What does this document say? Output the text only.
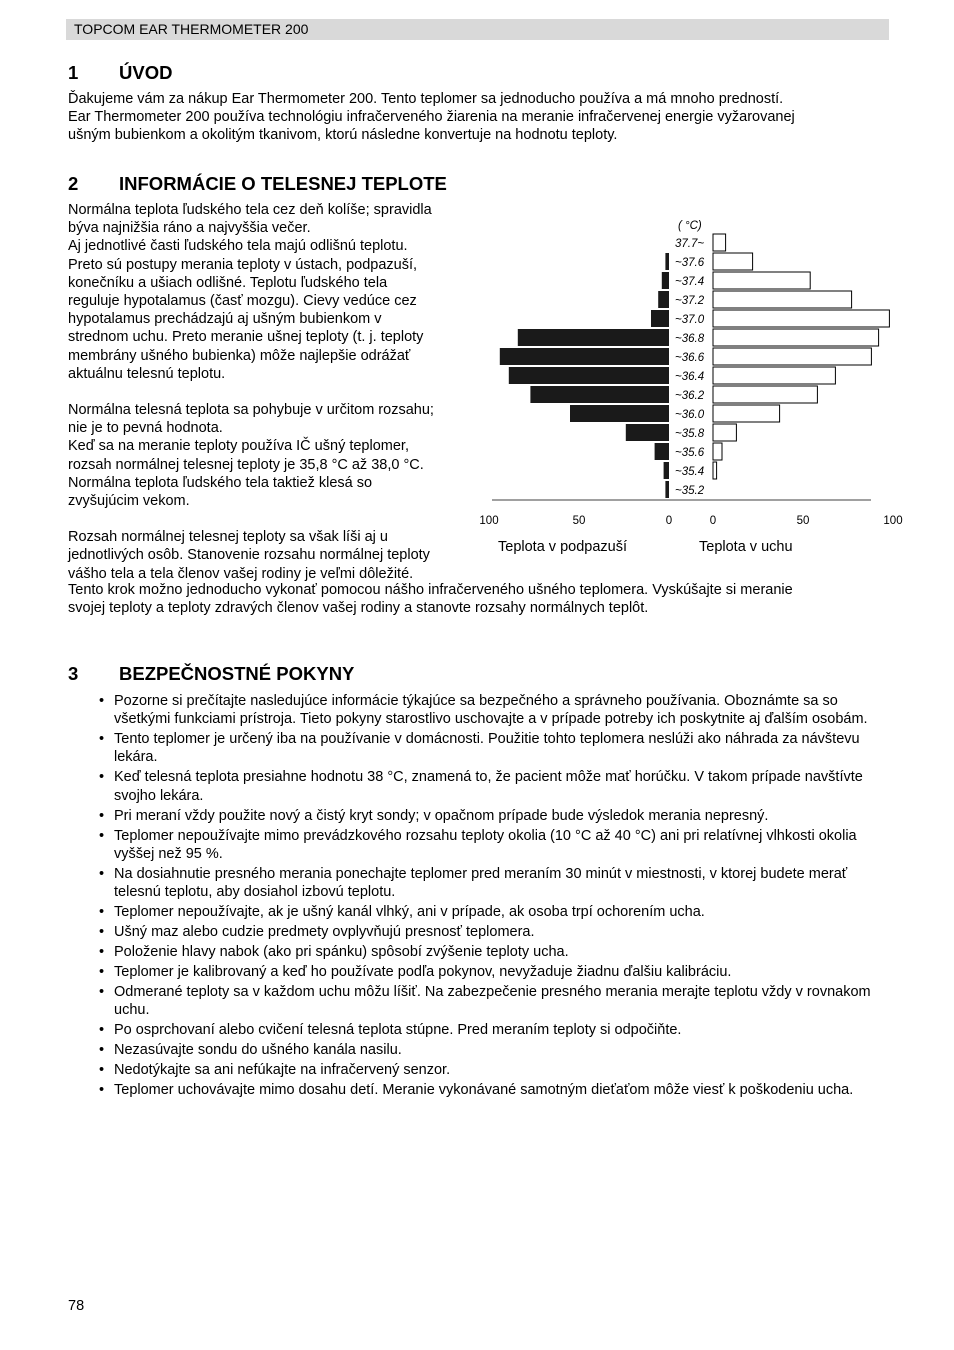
TOPCOM EAR THERMOMETER 200
1 ÚVOD
Ďakujeme vám za nákup Ear Thermometer 200. Tento teplomer sa jednoducho používa a má mnoho predností.
Ear Thermometer 200 používa technológiu infračerveného žiarenia na meranie infračervenej energie vyžarovanej
ušným bubienkom a okolitým tkanivom, ktorú následne konvertuje na hodnotu teploty.
2 INFORMÁCIE O TELESNEJ TEPLOTE
Normálna teplota ľudského tela cez deň kolíše; spravidla
býva najnižšia ráno a najvyššia večer.
Aj jednotlivé časti ľudského tela majú odlišnú teplotu.
Preto sú postupy merania teploty v ústach, podpazuší,
konečníku a ušiach odlišné. Teplotu ľudského tela
reguluje hypotalamus (časť mozgu). Cievy vedúce cez
hypotalamus prechádzajú aj ušným bubienkom v
strednom uchu. Preto meranie ušnej teploty (t. j. teploty
membrány ušného bubienka) môže najlepšie odrážať
aktuálnu telesnú teplotu.
Normálna telesná teplota sa pohybuje v určitom rozsahu;
nie je to pevná hodnota.
Keď sa na meranie teploty používa IČ ušný teplomer,
rozsah normálnej telesnej teploty je 35,8 °C až 38,0 °C.
Normálna teplota ľudského tela taktiež klesá so
zvyšujúcim vekom.
Rozsah normálnej telesnej teploty sa však líši aj u
jednotlivých osôb. Stanovenie rozsahu normálnej teploty
vášho tela a tela členov vašej rodiny je veľmi dôležité.
Tento krok možno jednoducho vykonať pomocou nášho infračerveného ušného teplomera. Vyskúšajte si meranie
svojej teploty a teploty zdravých členov vašej rodiny a stanovte rozsahy normálnych teplôt.
37.7~
~37.6
~37.4
~37.2
~37.0
~36.8
~36.6
~36.4
~36.2
~36.0
~35.8
~35.6
~35.4
~35.2
( °C)
100	50	0	0	50	100
Teplota v podpazuší	Teplota v uchu
3 BEZPEČNOSTNÉ POKYNY
• Pozorne si prečítajte nasledujúce informácie týkajúce sa bezpečného a správneho používania. Oboznámte sa so všetkými funkciami prístroja. Tieto pokyny starostlivo uschovajte a v prípade potreby ich poskytnite aj ďalším osobám.
• Tento teplomer je určený iba na používanie v domácnosti. Použitie tohto teplomera neslúži ako náhrada za návštevu lekára.
• Keď telesná teplota presiahne hodnotu 38 °C, znamená to, že pacient môže mať horúčku. V takom prípade navštívte svojho lekára.
• Pri meraní vždy použite nový a čistý kryt sondy; v opačnom prípade bude výsledok merania nepresný.
• Teplomer nepoužívajte mimo prevádzkového rozsahu teploty okolia (10 °C až 40 °C) ani pri relatívnej vlhkosti okolia vyššej než 95 %.
• Na dosiahnutie presného merania ponechajte teplomer pred meraním 30 minút v miestnosti, v ktorej budete merať telesnú teplotu, aby dosiahol izbovú teplotu.
• Teplomer nepoužívajte, ak je ušný kanál vlhký, ani v prípade, ak osoba trpí ochorením ucha.
• Ušný maz alebo cudzie predmety ovplyvňujú presnosť teplomera.
• Položenie hlavy nabok (ako pri spánku) spôsobí zvýšenie teploty ucha.
• Teplomer je kalibrovaný a keď ho používate podľa pokynov, nevyžaduje žiadnu ďalšiu kalibráciu.
• Odmerané teploty sa v každom uchu môžu líšiť. Na zabezpečenie presného merania merajte teplotu vždy v rovnakom uchu.
• Po osprchovaní alebo cvičení telesná teplota stúpne. Pred meraním teploty si odpočiňte.
• Nezasúvajte sondu do ušného kanála nasilu.
• Nedotýkajte sa ani nefúkajte na infračervený senzor.
• Teplomer uchovávajte mimo dosahu detí. Meranie vykonávané samotným dieťaťom môže viesť k poškodeniu ucha.
78
